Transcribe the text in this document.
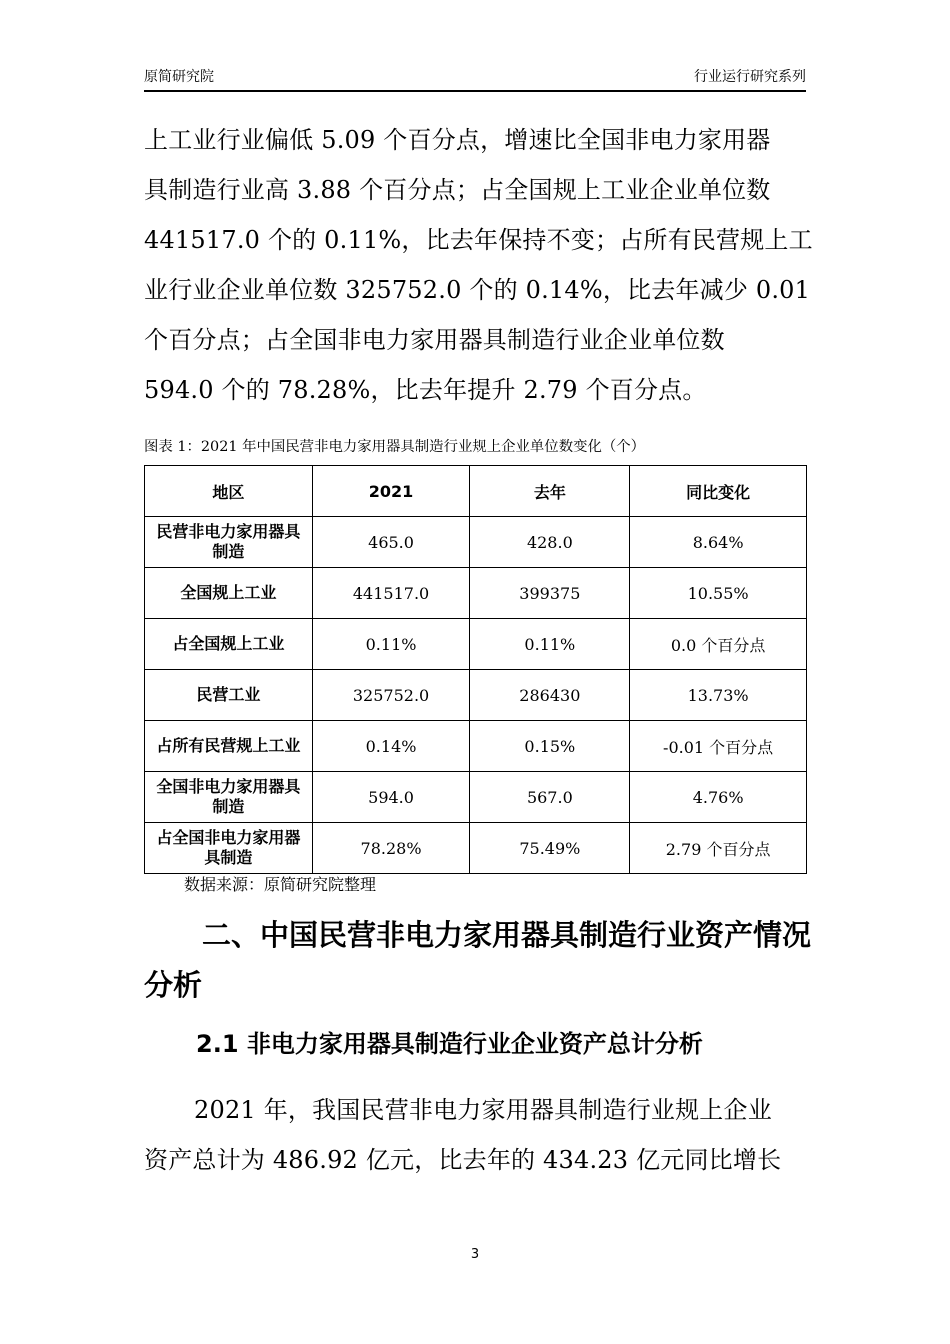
原简研究院	行业运行研究系列
上工业行业偏低 5.09 个百分点，增速比全国非电力家用器
具制造行业高 3.88 个百分点；占全国规上工业企业单位数
441517.0 个的 0.11%，比去年保持不变；占所有民营规上工
业行业企业单位数 325752.0 个的 0.14%，比去年减少 0.01
个百分点；占全国非电力家用器具制造行业企业单位数
594.0 个的 78.28%，比去年提升 2.79 个百分点。
图表 1：2021 年中国民营非电力家用器具制造行业规上企业单位数变化（个）
地区	2021	去年	同比变化
民营非电力家用器具制造	465.0	428.0	8.64%
全国规上工业	441517.0	399375	10.55%
占全国规上工业	0.11%	0.11%	0.0 个百分点
民营工业	325752.0	286430	13.73%
占所有民营规上工业	0.14%	0.15%	-0.01 个百分点
全国非电力家用器具制造	594.0	567.0	4.76%
占全国非电力家用器具制造	78.28%	75.49%	2.79 个百分点
数据来源：原简研究院整理
二、中国民营非电力家用器具制造行业资产情况
分析
2.1 非电力家用器具制造行业企业资产总计分析
2021 年，我国民营非电力家用器具制造行业规上企业
资产总计为 486.92 亿元，比去年的 434.23 亿元同比增长
3
